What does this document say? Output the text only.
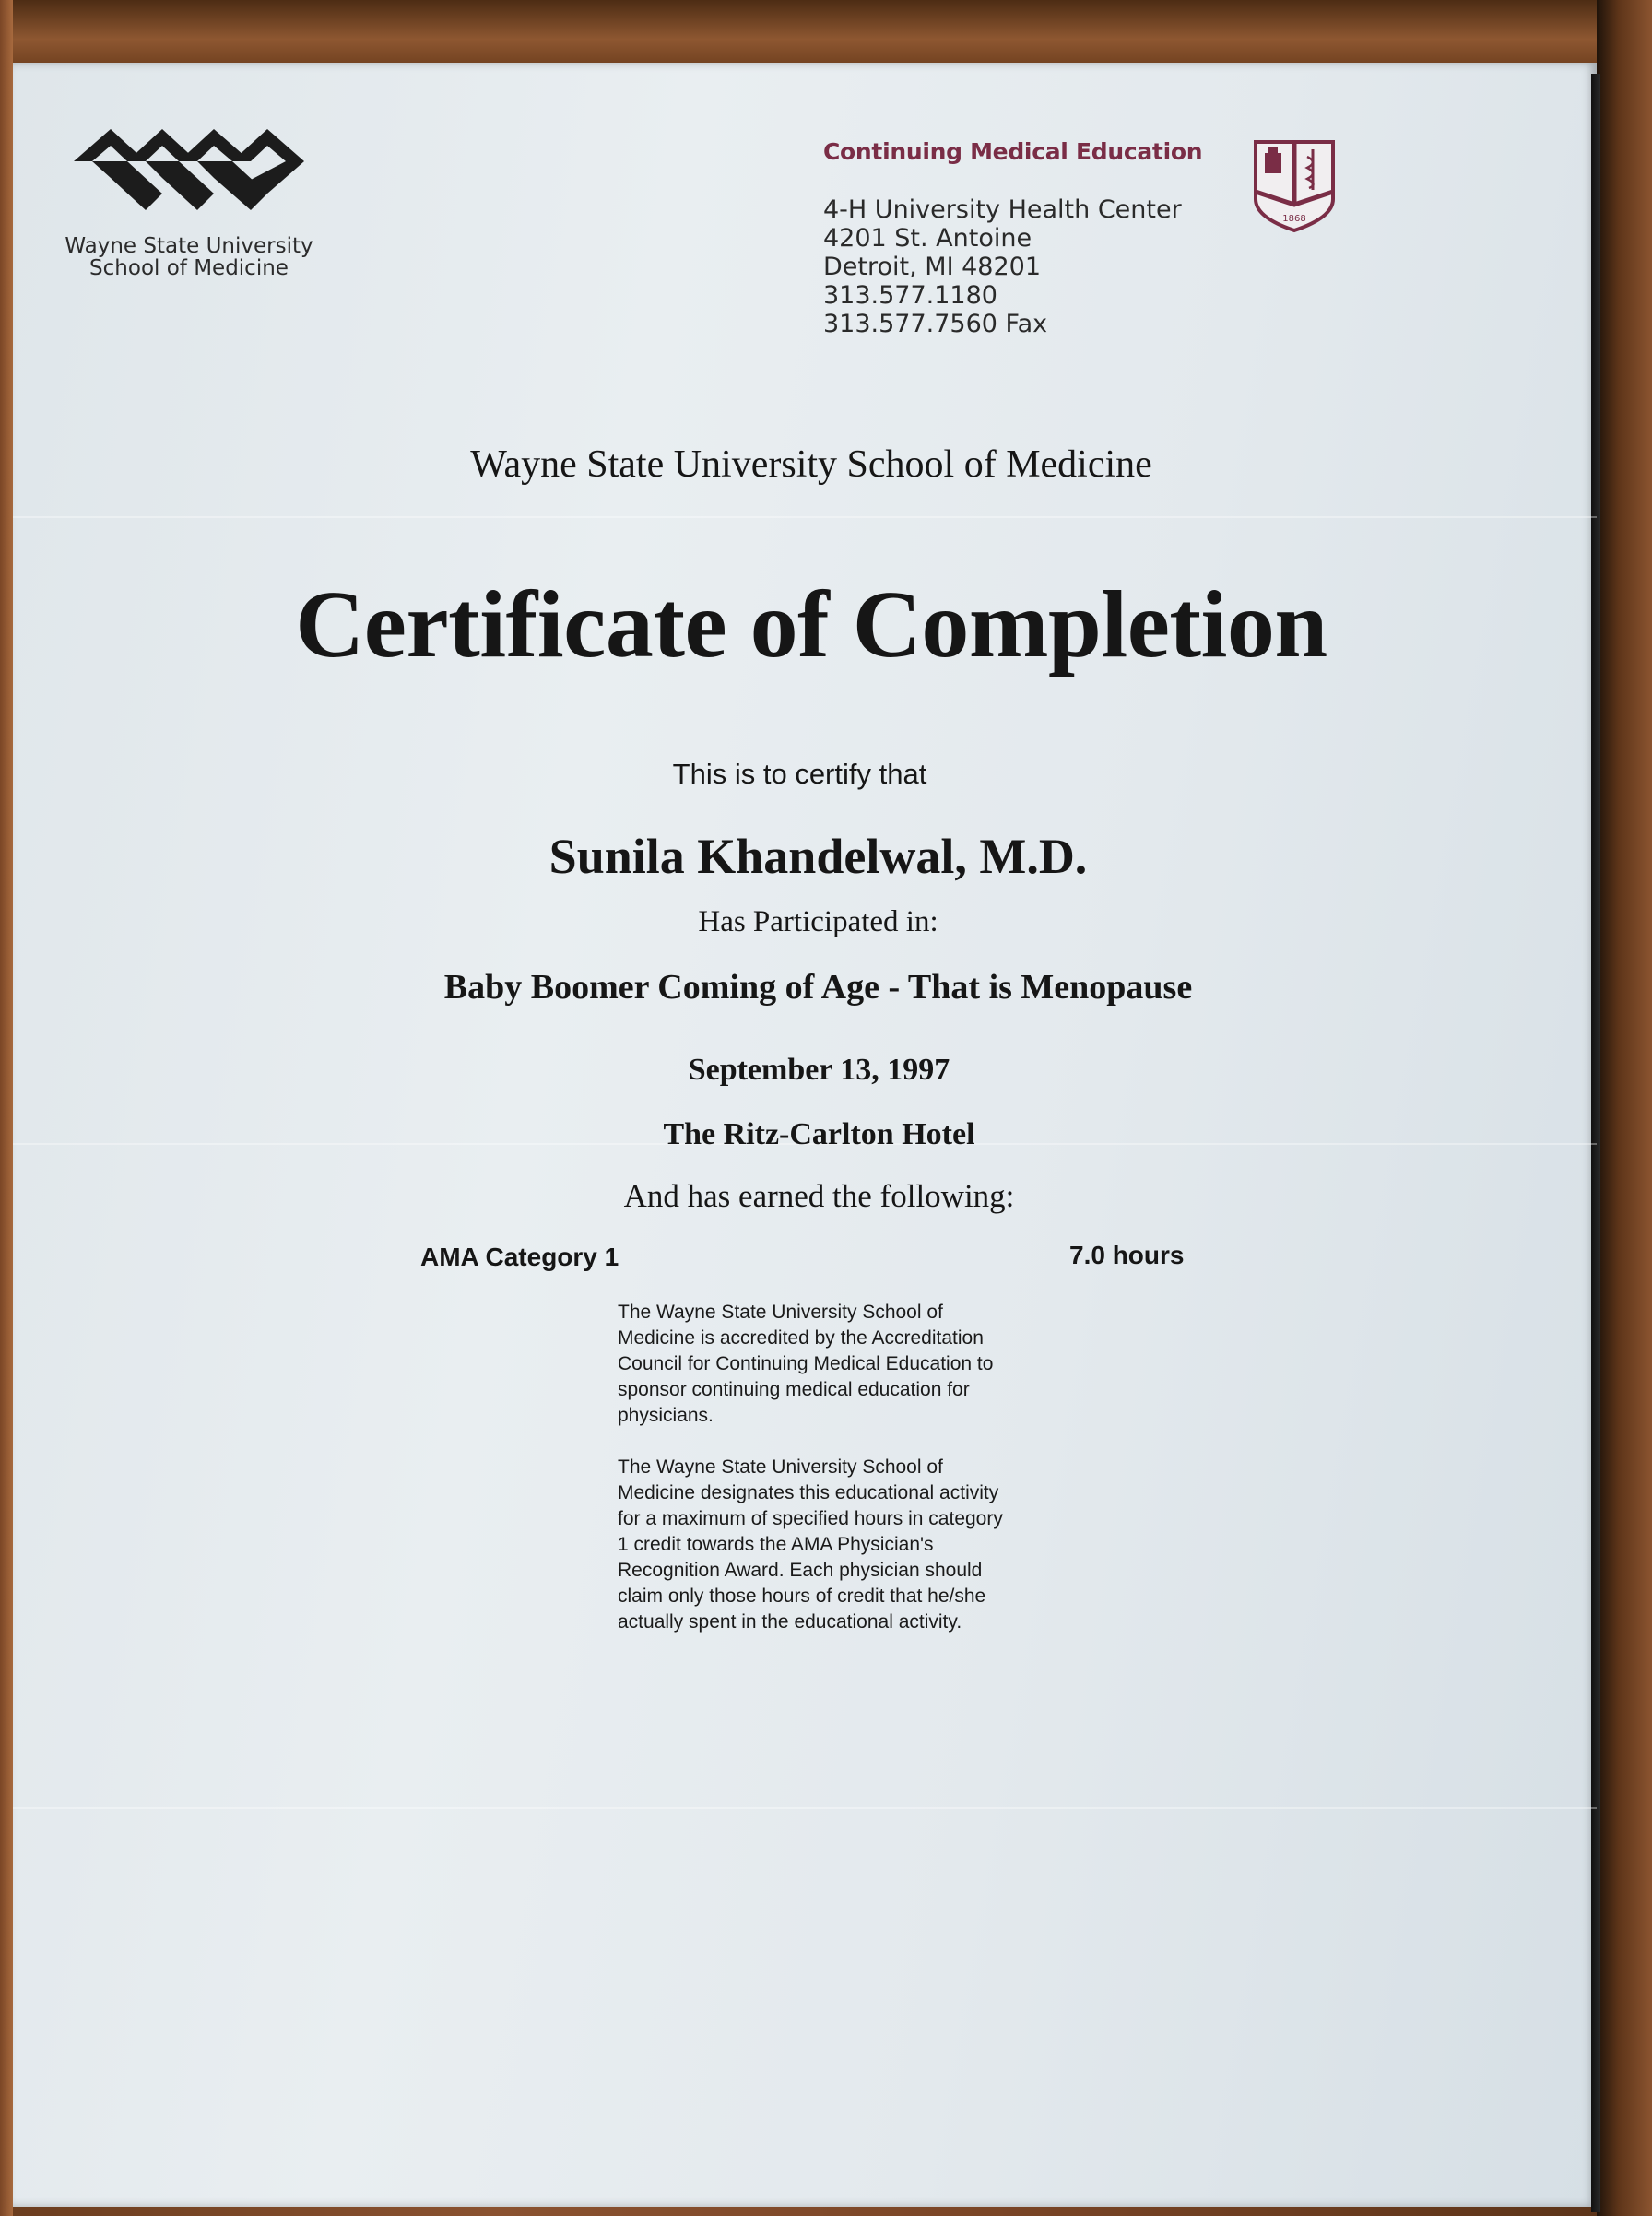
Wayne State University
School of Medicine
Continuing Medical Education
4-H University Health Center
4201 St. Antoine
Detroit, MI 48201
313.577.1180
313.577.7560 Fax
1868
Wayne State University School of Medicine
Certificate of Completion
This is to certify that
Sunila Khandelwal, M.D.
Has Participated in:
Baby Boomer Coming of Age - That is Menopause
September 13, 1997
The Ritz-Carlton Hotel
And has earned the following:
AMA Category 1	7.0 hours
The Wayne State University School of Medicine is accredited by the Accreditation Council for Continuing Medical Education to sponsor continuing medical education for physicians.
The Wayne State University School of Medicine designates this educational activity for a maximum of specified hours in category 1 credit towards the AMA Physician's Recognition Award. Each physician should claim only those hours of credit that he/she actually spent in the educational activity.
